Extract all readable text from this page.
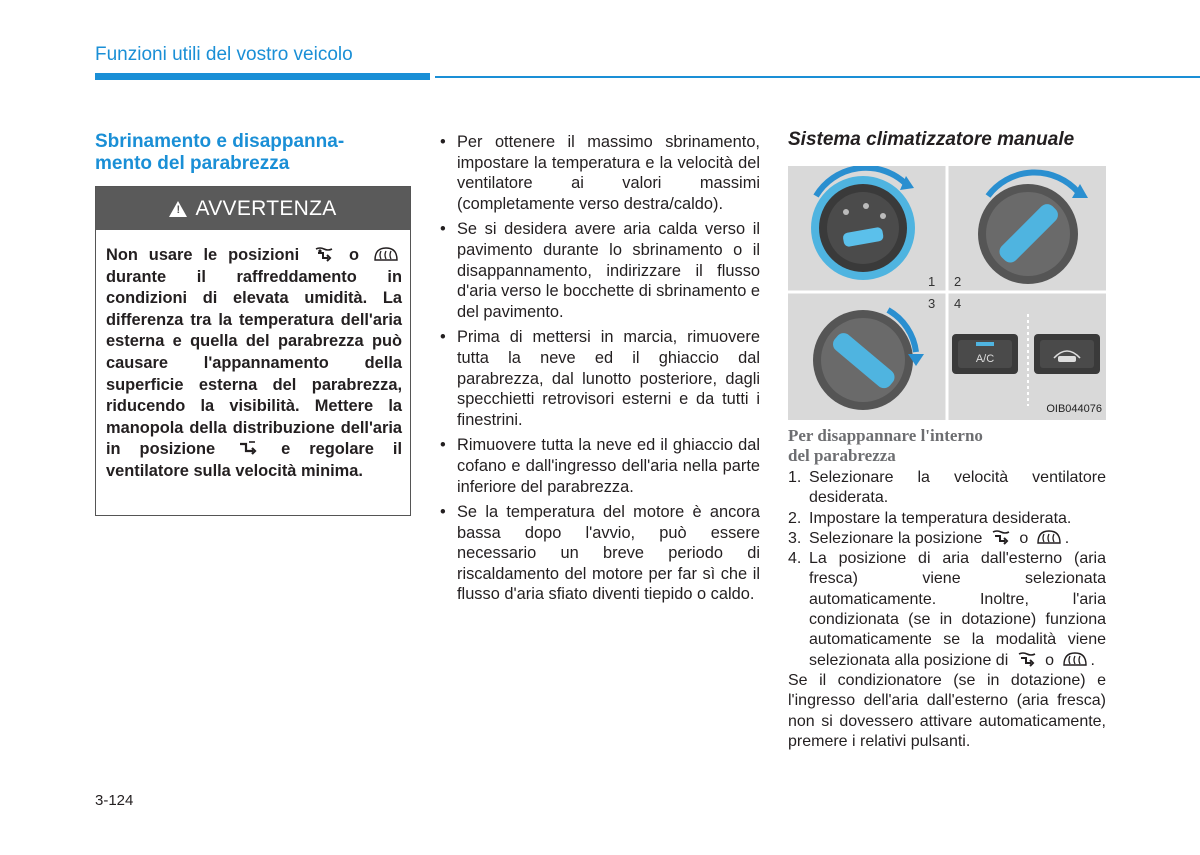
Funzioni utili del vostro veicolo
Sbrinamento e disappanna-
mento del parabrezza
! AVVERTENZA

Non usare le posizioni	o  durante il raffreddamento in condizioni di elevata umidità. La differenza tra la temperatura dell'aria esterna e quella del parabrezza può causare l'appannamento della superficie esterna del parabrezza, riducendo la visibilità. Mettere la manopola della distribuzione dell'aria in posizione	e regolare il ventilatore sulla velocità minima.

• Per ottenere il massimo sbrinamento, impostare la temperatura e la velocità del ventilatore ai valori massimi (completamente verso destra/caldo).
• Se si desidera avere aria calda verso il pavimento durante lo sbrinamento o il disappannamento, indirizzare il flusso d'aria verso le bocchette di sbrinamento e del pavimento.
• Prima di mettersi in marcia, rimuovere tutta la neve ed il ghiaccio dal parabrezza, dal lunotto posteriore, dagli specchietti retrovisori esterni e da tutti i finestrini.
• Rimuovere tutta la neve ed il ghiaccio dal cofano e dall'ingresso dell'aria nella parte inferiore del parabrezza.
• Se la temperatura del motore è ancora bassa dopo l'avvio, può essere necessario un breve periodo di riscaldamento del motore per far sì che il flusso d'aria sfiato diventi tiepido o caldo.
Sistema climatizzatore manuale
1 2
3 4
A/C
OIB044076
Per disappannare l'interno
del parabrezza
1. Selezionare la velocità ventilatore desiderata.
2. Impostare la temperatura desiderata.
3. Selezionare la posizione o .
4. La posizione di aria dall'esterno (aria fresca) viene selezionata automaticamente. Inoltre, l'aria condizionata (se in dotazione) funziona automaticamente se la modalità viene selezionata alla posizione di o .

Se il condizionatore (se in dotazione) e l'ingresso dell'aria dall'esterno (aria fresca) non si dovessero attivare automaticamente, premere i relativi pulsanti.

3-124
